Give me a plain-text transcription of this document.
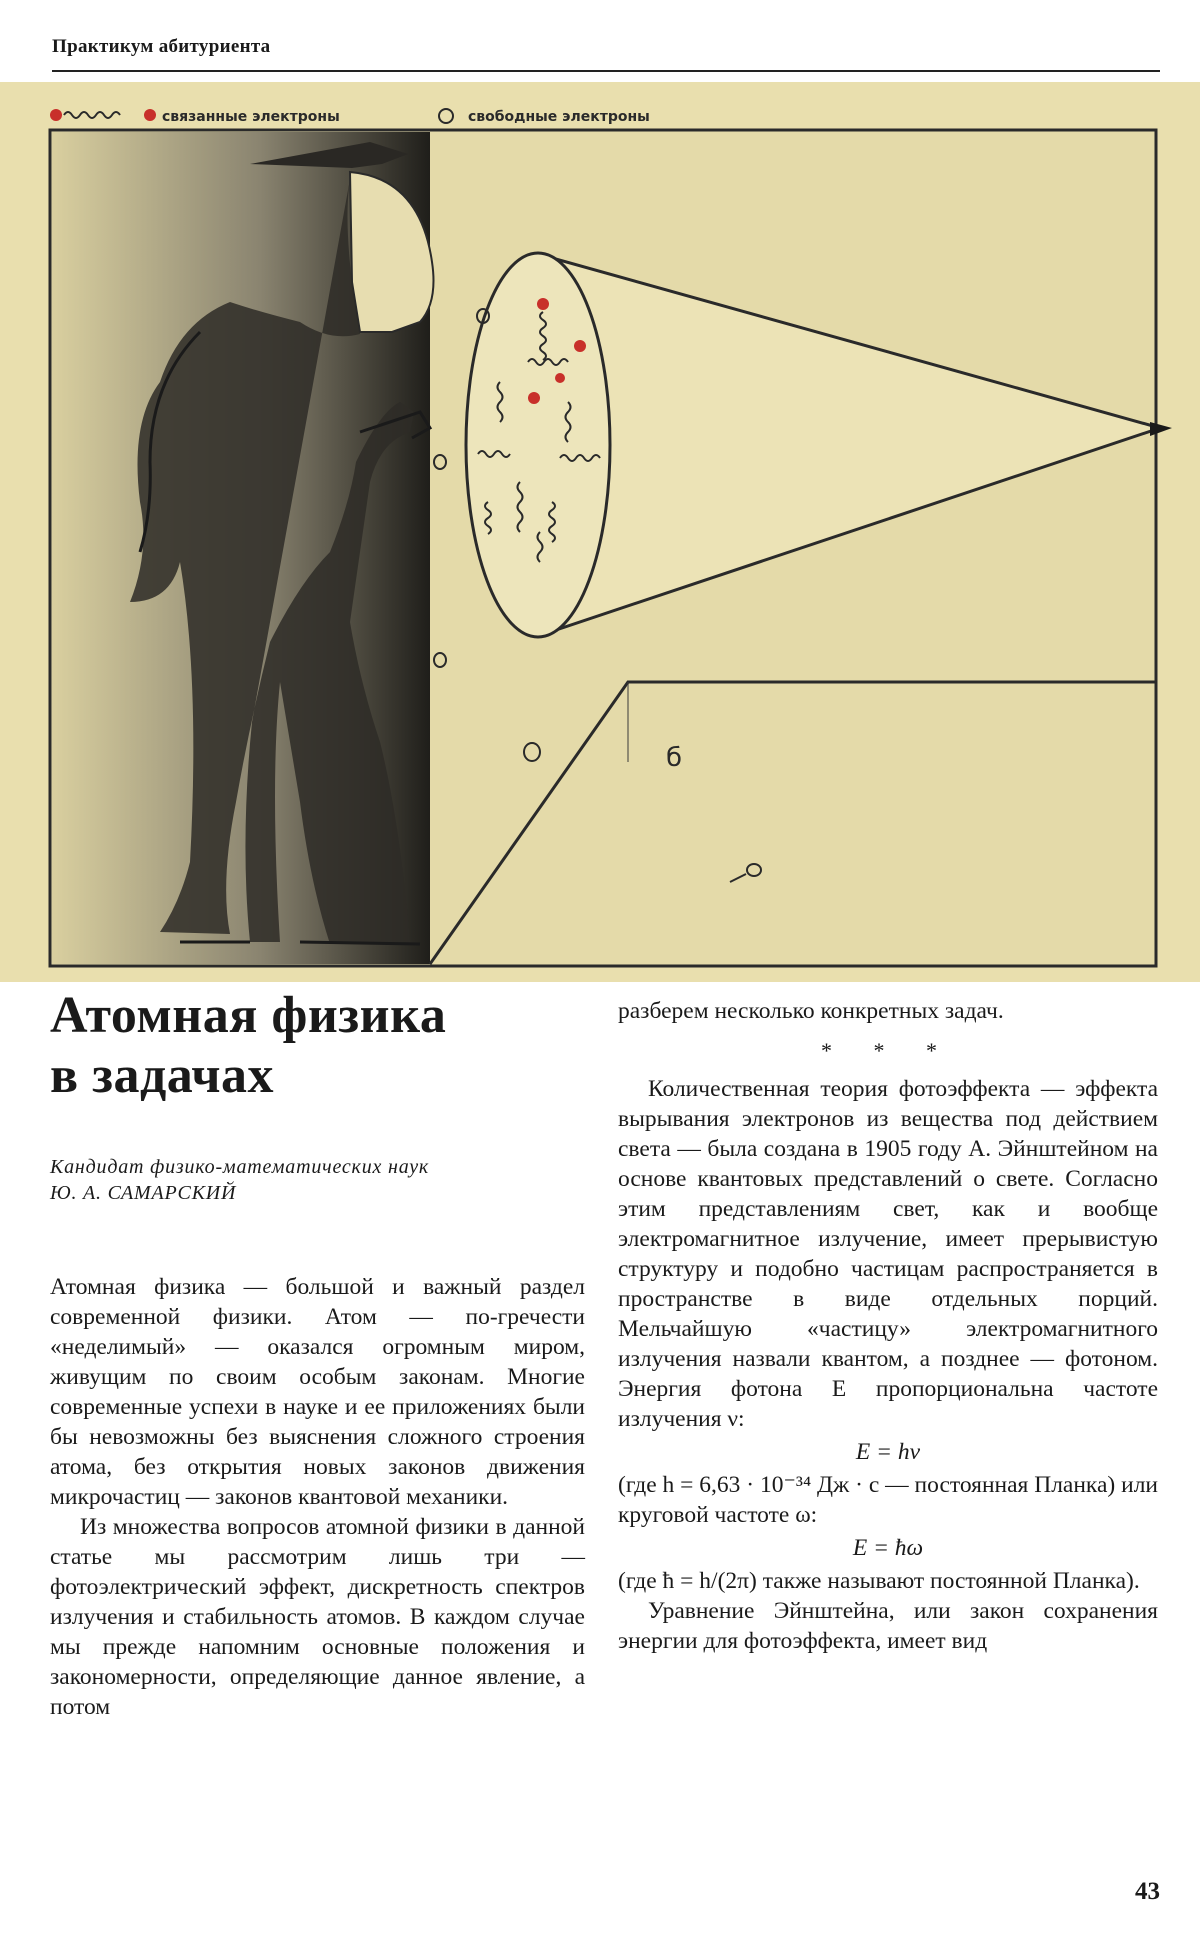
Практикум абитуриента
связанные электроны	свободные электроны
б
Атомная физика
в задачах
Кандидат физико-математических наук
Ю. А. САМАРСКИЙ

Атомная физика — большой и важный раздел современной физики. Атом — по-гречести «неделимый» — оказался огромным миром, живущим по своим особым законам. Многие современные успехи в науке и ее приложениях были бы невозможны без выяснения сложного строения атома, без открытия новых законов движения микрочастиц — законов квантовой механики.

Из множества вопросов атомной физики в данной статье мы рассмотрим лишь три — фотоэлектрический эффект, дискретность спектров излучения и стабильность атомов. В каждом случае мы прежде напомним основные положения и закономерности, определяющие данное явление, а потом

разберем несколько конкретных задач.

* * *

Количественная теория фотоэффекта — эффекта вырывания электронов из вещества под действием света — была создана в 1905 году А. Эйнштейном на основе квантовых представлений о свете. Согласно этим представлениям свет, как и вообще электромагнитное излучение, имеет прерывистую структуру и подобно частицам распространяется в пространстве в виде отдельных порций. Мельчайшую «частицу» электромагнитного излучения назвали квантом, а позднее — фотоном. Энергия фотона E пропорциональна частоте излучения ν:

E = hν

(где h = 6,63 · 10⁻³⁴ Дж · с — постоянная Планка) или круговой частоте ω:

E = ħω

(где ħ = h/(2π) также называют постоянной Планка).

Уравнение Эйнштейна, или закон сохранения энергии для фотоэффекта, имеет вид

43
